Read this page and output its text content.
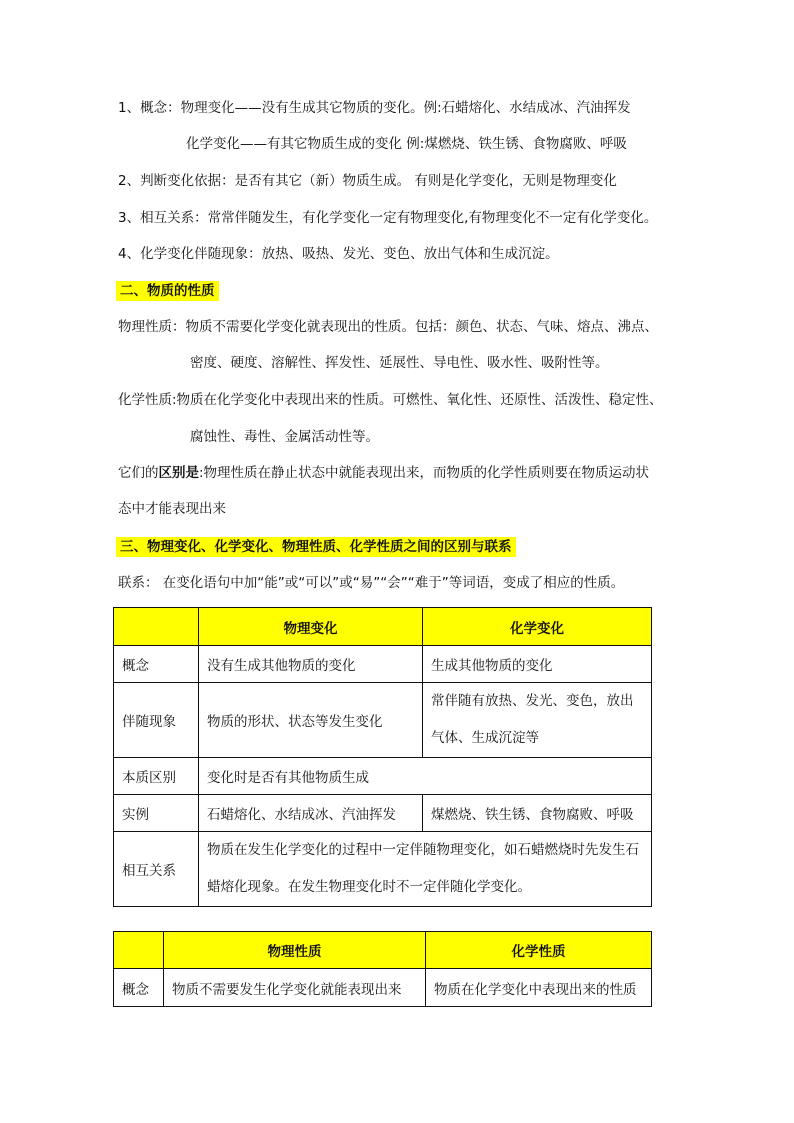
1、概念：物理变化——没有生成其它物质的变化。例:石蜡熔化、水结成冰、汽油挥发
化学变化——有其它物质生成的变化 例:煤燃烧、铁生锈、食物腐败、呼吸
2、判断变化依据：是否有其它（新）物质生成。 有则是化学变化，无则是物理变化
3、相互关系：常常伴随发生，有化学变化一定有物理变化,有物理变化不一定有化学变化。
4、化学变化伴随现象：放热、吸热、发光、变色、放出气体和生成沉淀。
二、物质的性质
物理性质：物质不需要化学变化就表现出的性质。包括：颜色、状态、气味、熔点、沸点、
密度、硬度、溶解性、挥发性、延展性、导电性、吸水性、吸附性等。
化学性质:物质在化学变化中表现出来的性质。可燃性、氧化性、还原性、活泼性、稳定性、
腐蚀性、毒性、金属活动性等。
它们的区别是:物理性质在静止状态中就能表现出来，而物质的化学性质则要在物质运动状
态中才能表现出来
三、物理变化、化学变化、物理性质、化学性质之间的区别与联系
联系： 在变化语句中加“能”或“可以”或“易”“会”“难于”等词语，变成了相应的性质。
	物理变化	化学变化
概念	没有生成其他物质的变化	生成其他物质的变化
伴随现象	物质的形状、状态等发生变化	常伴随有放热、发光、变色，放出气体、生成沉淀等
本质区别	变化时是否有其他物质生成	
实例	石蜡熔化、水结成冰、汽油挥发	煤燃烧、铁生锈、食物腐败、呼吸
相互关系	物质在发生化学变化的过程中一定伴随物理变化，如石蜡燃烧时先发生石蜡熔化现象。在发生物理变化时不一定伴随化学变化。	
	物理性质	化学性质
概念	物质不需要发生化学变化就能表现出来	物质在化学变化中表现出来的性质
